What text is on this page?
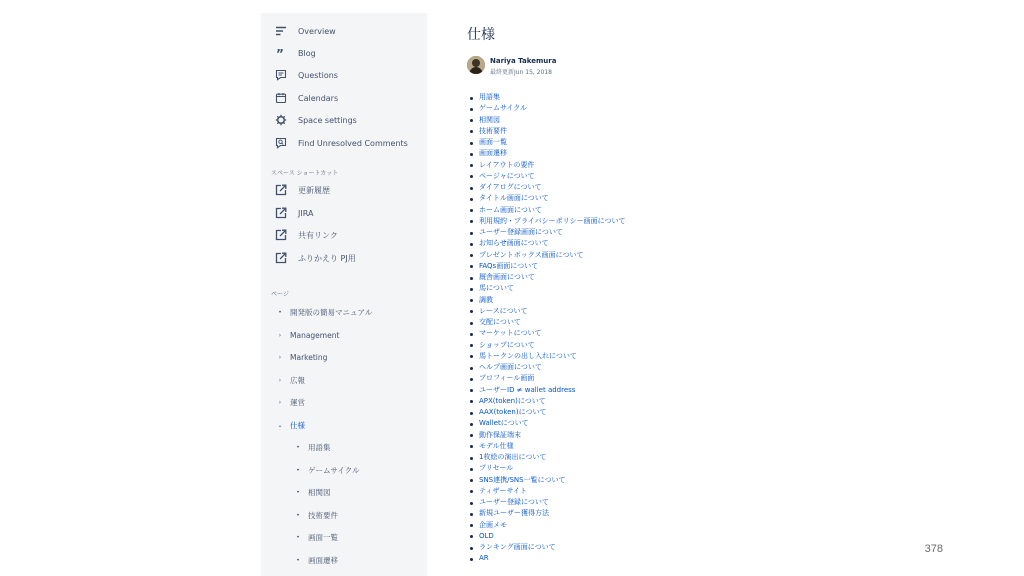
Overview
” Blog
Questions
Calendars
Space settings
Find Unresolved Comments
スペース ショートカット
更新履歴
JIRA
共有リンク
ふりかえり PJ用
ページ
• 開発版の簡易マニュアル
› Management
› Marketing
› 広報
› 運営
⌄ 仕様
• 用語集
• ゲームサイクル
• 相関図
• 技術要件
• 画面一覧
• 画面遷移
仕様
Nariya Takemura
最終更新Jun 15, 2018
用語集
ゲームサイクル
相関図
技術要件
画面一覧
画面遷移
レイアウトの要件
ページャについて
ダイアログについて
タイトル画面について
ホーム画面について
利用規約・プライバシーポリシー画面について
ユーザー登録画面について
お知らせ画面について
プレゼントボックス画面について
FAQs画面について
厩舎画面について
馬について
調教
レースについて
交配について
マーケットについて
ショップについて
馬トークンの出し入れについて
ヘルプ画面について
プロフィール画面
ユーザーID ≠ wallet address
APX(token)について
AAX(token)について
Walletについて
動作保証端末
モデル仕様
1枚絵の演出について
プリセール
SNS連携/SNS一覧について
ティザーサイト
ユーザー登録について
新規ユーザー獲得方法
企画メモ
OLD
ランキング画面について
AR
378
